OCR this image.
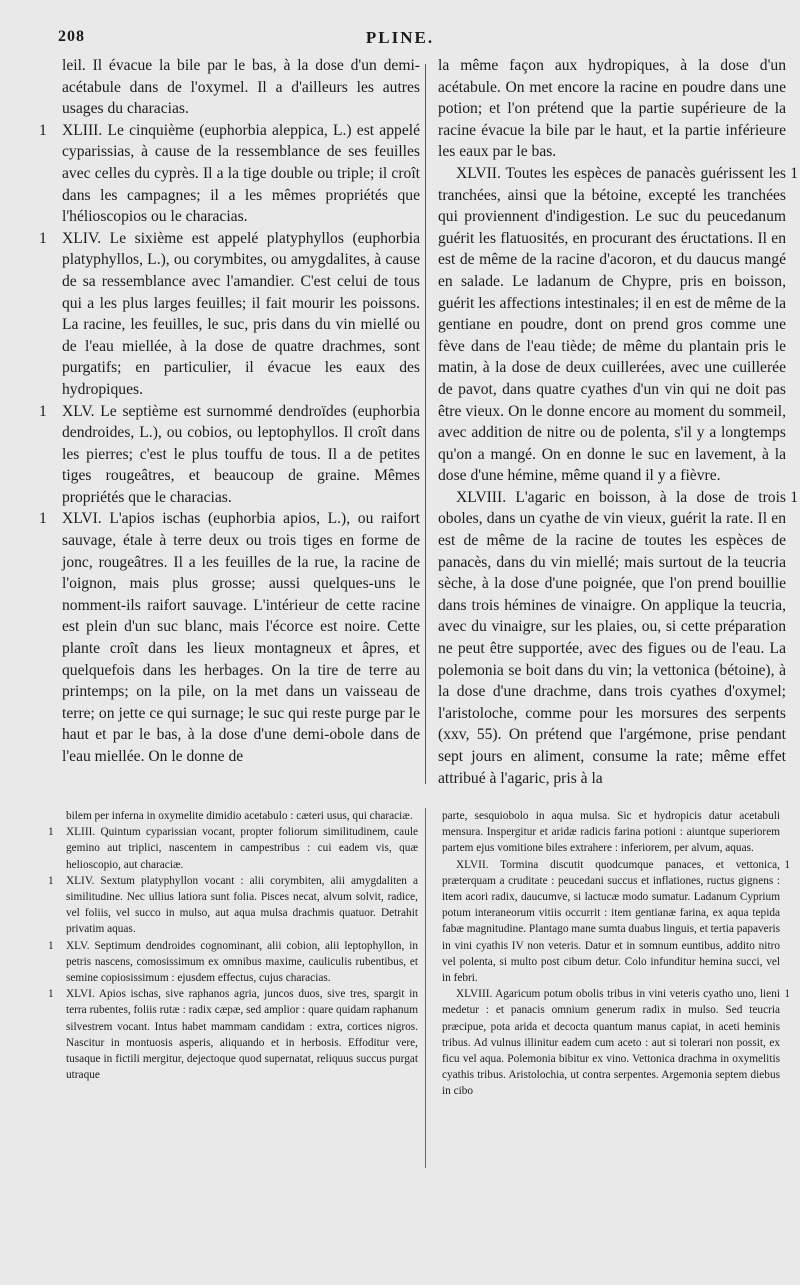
208	PLINE.

leil. Il évacue la bile par le bas, à la dose d'un demi-acétabule dans de l'oxymel. Il a d'ailleurs les autres usages du characias.

1 XLIII. Le cinquième (euphorbia aleppica, L.) est appelé cyparissias, à cause de la ressemblance de ses feuilles avec celles du cyprès. Il a la tige double ou triple; il croît dans les campagnes; il a les mêmes propriétés que l'hélioscopios ou le characias.

1 XLIV. Le sixième est appelé platyphyllos (euphorbia platyphyllos, L.), ou corymbites, ou amygdalites, à cause de sa ressemblance avec l'amandier. C'est celui de tous qui a les plus larges feuilles; il fait mourir les poissons. La racine, les feuilles, le suc, pris dans du vin miellé ou de l'eau miellée, à la dose de quatre drachmes, sont purgatifs; en particulier, il évacue les eaux des hydropiques.

1 XLV. Le septième est surnommé dendroïdes (euphorbia dendroides, L.), ou cobios, ou leptophyllos. Il croît dans les pierres; c'est le plus touffu de tous. Il a de petites tiges rougeâtres, et beaucoup de graine. Mêmes propriétés que le characias.

1 XLVI. L'apios ischas (euphorbia apios, L.), ou raifort sauvage, étale à terre deux ou trois tiges en forme de jonc, rougeâtres. Il a les feuilles de la rue, la racine de l'oignon, mais plus grosse; aussi quelques-uns le nomment-ils raifort sauvage. L'intérieur de cette racine est plein d'un suc blanc, mais l'écorce est noire. Cette plante croît dans les lieux montagneux et âpres, et quelquefois dans les herbages. On la tire de terre au printemps; on la pile, on la met dans un vaisseau de terre; on jette ce qui surnage; le suc qui reste purge par le haut et par le bas, à la dose d'une demi-obole dans de l'eau miellée. On le donne de

la même façon aux hydropiques, à la dose d'un acétabule. On met encore la racine en poudre dans une potion; et l'on prétend que la partie supérieure de la racine évacue la bile par le haut, et la partie inférieure les eaux par le bas.

1
XLVII. Toutes les espèces de panacès guérissent les tranchées, ainsi que la bétoine, excepté les tranchées qui proviennent d'indigestion. Le suc du peucedanum guérit les flatuosités, en procurant des éructations. Il en est de même de la racine d'acoron, et du daucus mangé en salade. Le ladanum de Chypre, pris en boisson, guérit les affections intestinales; il en est de même de la gentiane en poudre, dont on prend gros comme une fève dans de l'eau tiède; de même du plantain pris le matin, à la dose de deux cuillerées, avec une cuillerée de pavot, dans quatre cyathes d'un vin qui ne doit pas être vieux. On le donne encore au moment du sommeil, avec addition de nitre ou de polenta, s'il y a longtemps qu'on a mangé. On en donne le suc en lavement, à la dose d'une hémine, même quand il y a fièvre.

1
XLVIII. L'agaric en boisson, à la dose de trois oboles, dans un cyathe de vin vieux, guérit la rate. Il en est de même de la racine de toutes les espèces de panacès, dans du vin miellé; mais surtout de la teucria sèche, à la dose d'une poignée, que l'on prend bouillie dans trois hémines de vinaigre. On applique la teucria, avec du vinaigre, sur les plaies, ou, si cette préparation ne peut être supportée, avec des figues ou de l'eau. La polemonia se boit dans du vin; la vettonica (bétoine), à la dose d'une drachme, dans trois cyathes d'oxymel; l'aristoloche, comme pour les morsures des serpents (xxv, 55). On prétend que l'argémone, prise pendant sept jours en aliment, consume la rate; même effet attribué à l'agaric, pris à la

bilem per inferna in oxymelite dimidio acetabulo : cæteri usus, qui characiæ.

1 XLIII. Quintum cyparissian vocant, propter foliorum similitudinem, caule gemino aut triplici, nascentem in campestribus : cui eadem vis, quæ helioscopio, aut characiæ.

1 XLIV. Sextum platyphyllon vocant : alii corymbiten, alii amygdaliten a similitudine. Nec ullius latiora sunt folia. Pisces necat, alvum solvit, radice, vel foliis, vel succo in mulso, aut aqua mulsa drachmis quatuor. Detrahit privatim aquas.

1 XLV. Septimum dendroides cognominant, alii cobion, alii leptophyllon, in petris nascens, comosissimum ex omnibus maxime, cauliculis rubentibus, et semine copiosissimum : ejusdem effectus, cujus characias.

1 XLVI. Apios ischas, sive raphanos agria, juncos duos, sive tres, spargit in terra rubentes, foliis rutæ : radix cæpæ, sed amplior : quare quidam raphanum silvestrem vocant. Intus habet mammam candidam : extra, cortices nigros. Nascitur in montuosis asperis, aliquando et in herbosis. Effoditur vere, tusaque in fictili mergitur, dejectoque quod supernatat, reliquus succus purgat utraque

parte, sesquiobolo in aqua mulsa. Sic et hydropicis datur acetabuli mensura. Inspergitur et aridæ radicis farina potioni : aiuntque superiorem partem ejus vomitione biles extrahere : inferiorem, per alvum, aquas.

1
XLVII. Tormina discutit quodcumque panaces, et vettonica, præterquam a cruditate : peucedani succus et inflationes, ructus gignens : item acori radix, daucumve, si lactucæ modo sumatur. Ladanum Cyprium potum interaneorum vitiis occurrit : item gentianæ farina, ex aqua tepida fabæ magnitudine. Plantago mane sumta duabus linguis, et tertia papaveris in vini cyathis IV non veteris. Datur et in somnum euntibus, addito nitro vel polenta, si multo post cibum detur. Colo infunditur hemina succi, vel in febri.

1
XLVIII. Agaricum potum obolis tribus in vini veteris cyatho uno, lieni medetur : et panacis omnium generum radix in mulso. Sed teucria præcipue, pota arida et decocta quantum manus capiat, in aceti heminis tribus. Ad vulnus illinitur eadem cum aceto : aut si tolerari non possit, ex ficu vel aqua. Polemonia bibitur ex vino. Vettonica drachma in oxymelitis cyathis tribus. Aristolochia, ut contra serpentes. Argemonia septem diebus in cibo
